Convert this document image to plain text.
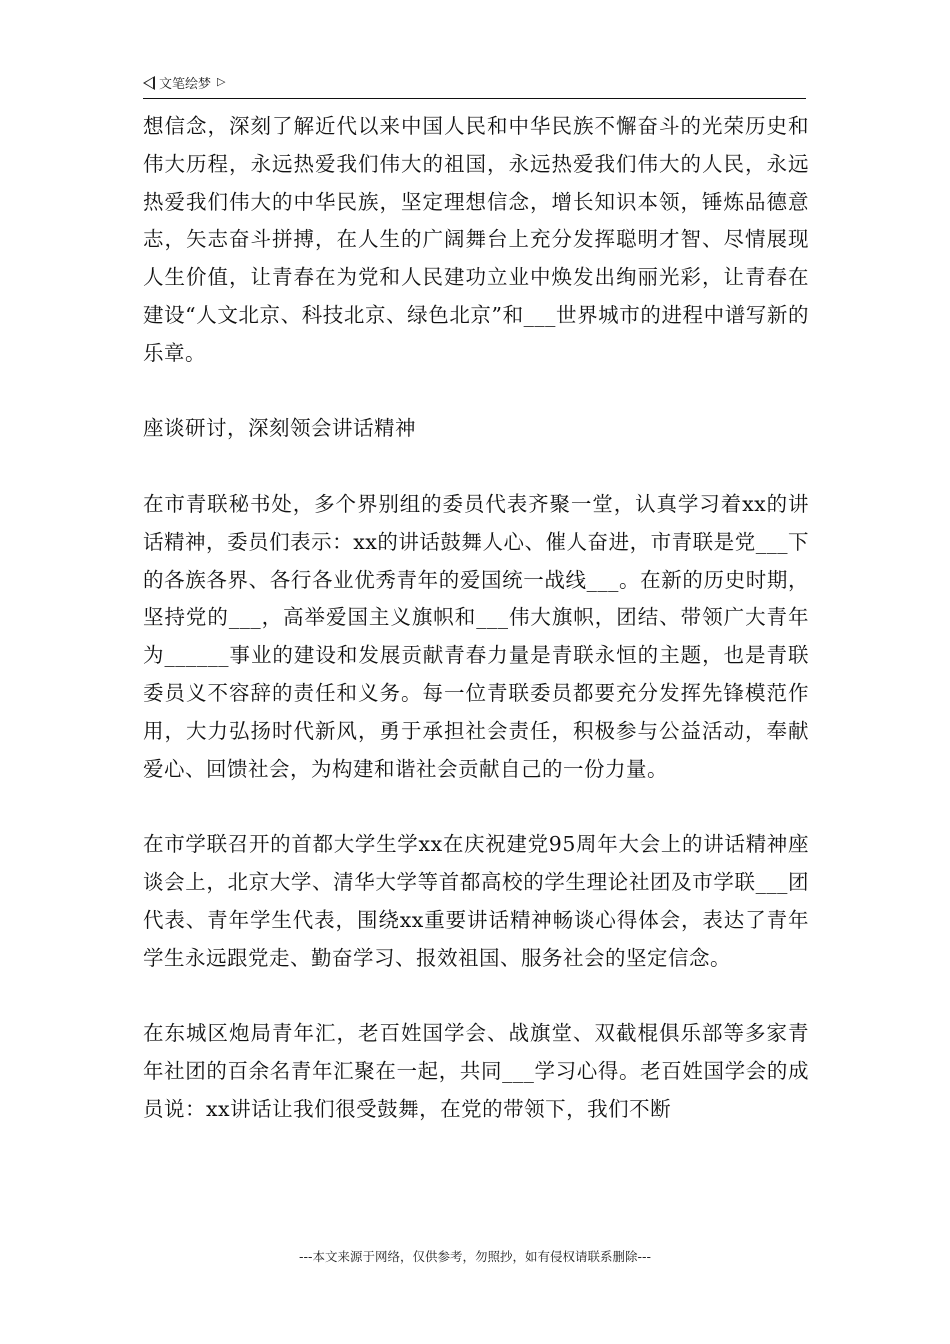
文笔绘梦 ▷

想信念，深刻了解近代以来中国人民和中华民族不懈奋斗的光荣历史和伟大历程，永远热爱我们伟大的祖国，永远热爱我们伟大的人民，永远热爱我们伟大的中华民族，坚定理想信念，增长知识本领，锤炼品德意志，矢志奋斗拼搏，在人生的广阔舞台上充分发挥聪明才智、尽情展现人生价值，让青春在为党和人民建功立业中焕发出绚丽光彩，让青春在建设“人文北京、科技北京、绿色北京”和___世界城市的进程中谱写新的乐章。

座谈研讨，深刻领会讲话精神

在市青联秘书处，多个界别组的委员代表齐聚一堂，认真学习着xx的讲话精神，委员们表示：xx的讲话鼓舞人心、催人奋进，市青联是党___下的各族各界、各行各业优秀青年的爱国统一战线___。在新的历史时期，坚持党的___，高举爱国主义旗帜和___伟大旗帜，团结、带领广大青年为______事业的建设和发展贡献青春力量是青联永恒的主题，也是青联委员义不容辞的责任和义务。每一位青联委员都要充分发挥先锋模范作用，大力弘扬时代新风，勇于承担社会责任，积极参与公益活动，奉献爱心、回馈社会，为构建和谐社会贡献自己的一份力量。

在市学联召开的首都大学生学xx在庆祝建党95周年大会上的讲话精神座谈会上，北京大学、清华大学等首都高校的学生理论社团及市学联___团代表、青年学生代表，围绕xx重要讲话精神畅谈心得体会，表达了青年学生永远跟党走、勤奋学习、报效祖国、服务社会的坚定信念。

在东城区炮局青年汇，老百姓国学会、战旗堂、双截棍俱乐部等多家青年社团的百余名青年汇聚在一起，共同___学习心得。老百姓国学会的成员说：xx讲话让我们很受鼓舞，在党的带领下，我们不断

---本文来源于网络，仅供参考，勿照抄，如有侵权请联系删除---
